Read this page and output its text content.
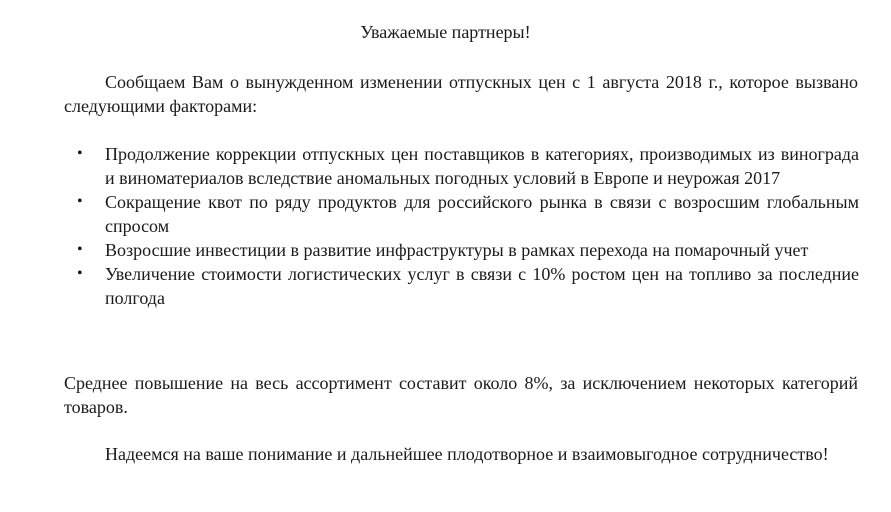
Уважаемые партнеры!

Сообщаем Вам о вынужденном изменении отпускных цен с 1 августа 2018 г., которое вызвано следующими факторами:

• Продолжение коррекции отпускных цен поставщиков в категориях, производимых из винограда и виноматериалов вследствие аномальных погодных условий в Европе и неурожая 2017
• Сокращение квот по ряду продуктов для российского рынка в связи с возросшим глобальным спросом
• Возросшие инвестиции в развитие инфраструктуры в рамках перехода на помарочный учет
• Увеличение стоимости логистических услуг в связи с 10% ростом цен на топливо за последние полгода

Среднее повышение на весь ассортимент составит около 8%, за исключением некоторых категорий товаров.

Надеемся на ваше понимание и дальнейшее плодотворное и взаимовыгодное сотрудничество!
